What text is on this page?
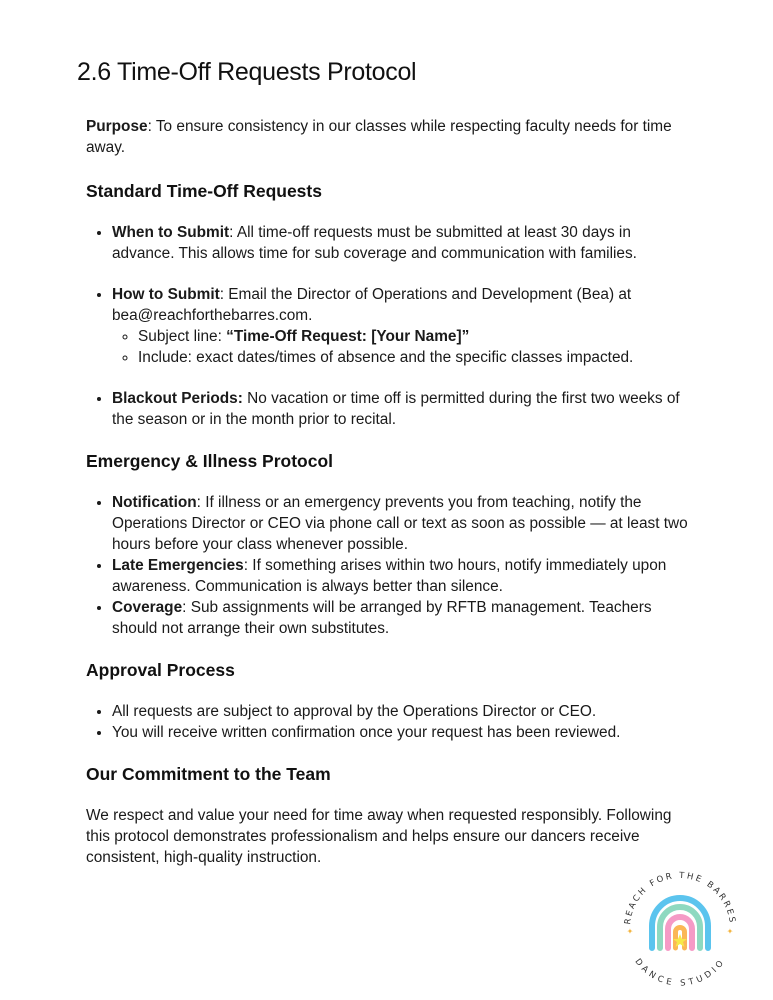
2.6 Time-Off Requests Protocol

Purpose: To ensure consistency in our classes while respecting faculty needs for time away.

Standard Time-Off Requests
• When to Submit: All time-off requests must be submitted at least 30 days in advance. This allows time for sub coverage and communication with families.
• How to Submit: Email the Director of Operations and Development (Bea) at bea@reachforthebarres.com.
◦ Subject line: “Time-Off Request: [Your Name]”
◦ Include: exact dates/times of absence and the specific classes impacted.
• Blackout Periods: No vacation or time off is permitted during the first two weeks of the season or in the month prior to recital.
Emergency & Illness Protocol
• Notification: If illness or an emergency prevents you from teaching, notify the Operations Director or CEO via phone call or text as soon as possible — at least two hours before your class whenever possible.
• Late Emergencies: If something arises within two hours, notify immediately upon awareness. Communication is always better than silence.
• Coverage: Sub assignments will be arranged by RFTB management. Teachers should not arrange their own substitutes.
Approval Process
• All requests are subject to approval by the Operations Director or CEO.
• You will receive written confirmation once your request has been reviewed.
Our Commitment to the Team

We respect and value your need for time away when requested responsibly. Following this protocol demonstrates professionalism and helps ensure our dancers receive consistent, high-quality instruction.

REACH FOR THE BARRES
DANCE STUDIO
✦	✦
